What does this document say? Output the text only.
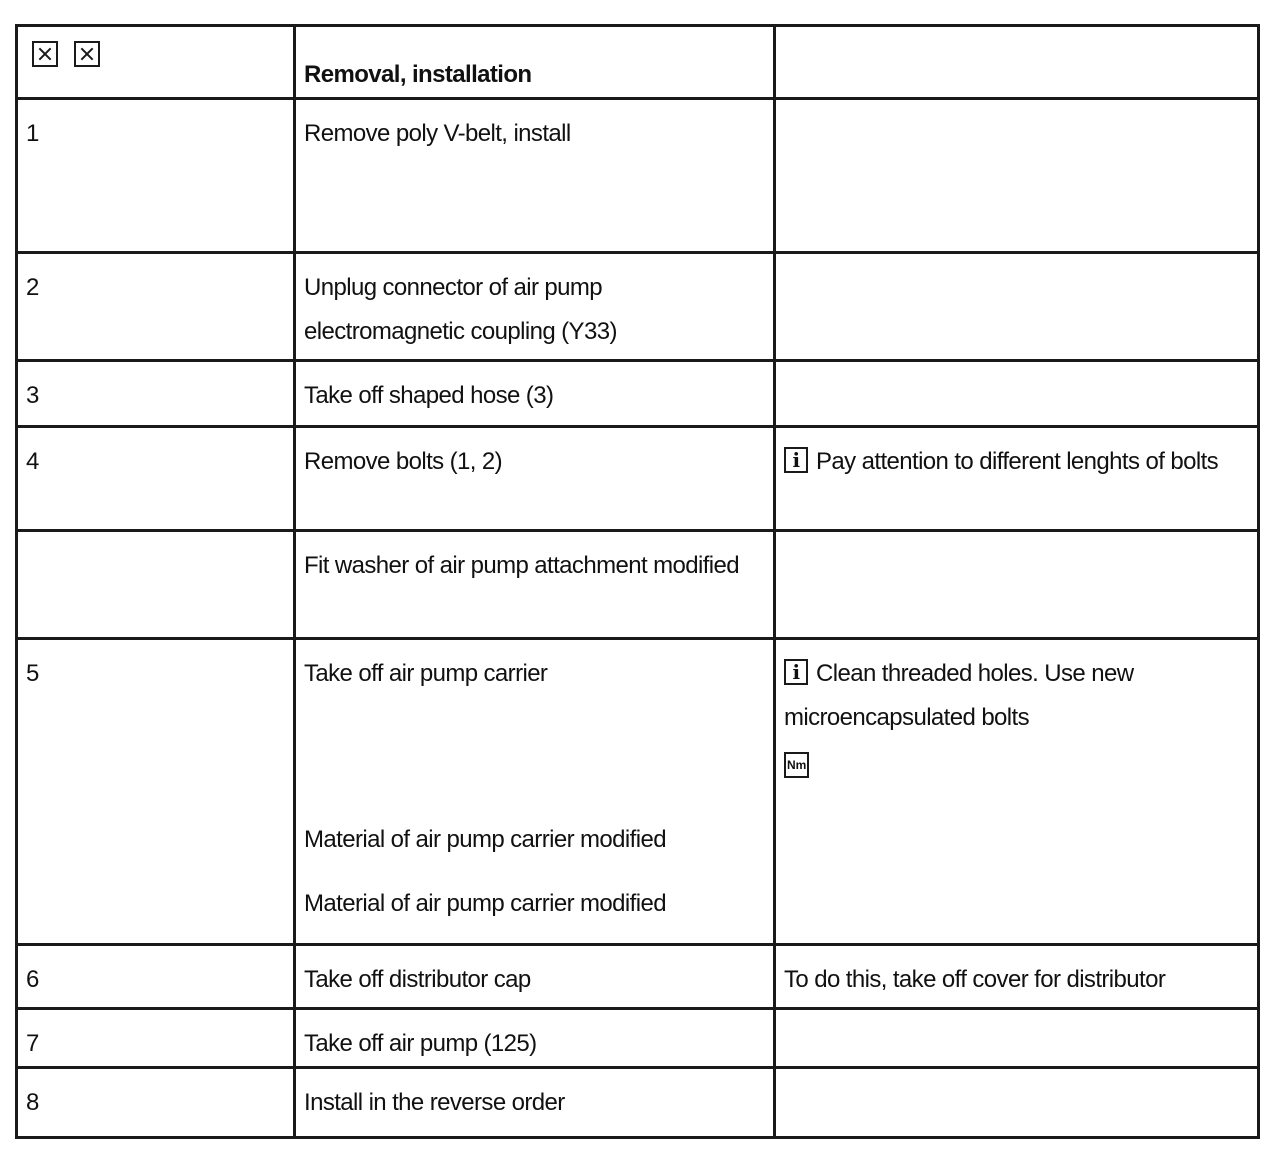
	Removal, installation	

1	Remove poly V-belt, install	

2	Unplug connector of air pump
electromagnetic coupling (Y33)	

3	Take off shaped hose (3)	

4	Remove bolts (1, 2)	i Pay attention to different lenghts of bolts

	Fit washer of air pump attachment modified	

5	Take off air pump carrier
Material of air pump carrier modified
Material of air pump carrier modified	i Clean threaded holes. Use new microencapsulated bolts
Nm

6	Take off distributor cap	To do this, take off cover for distributor

7	Take off air pump (125)	

8	Install in the reverse order	
